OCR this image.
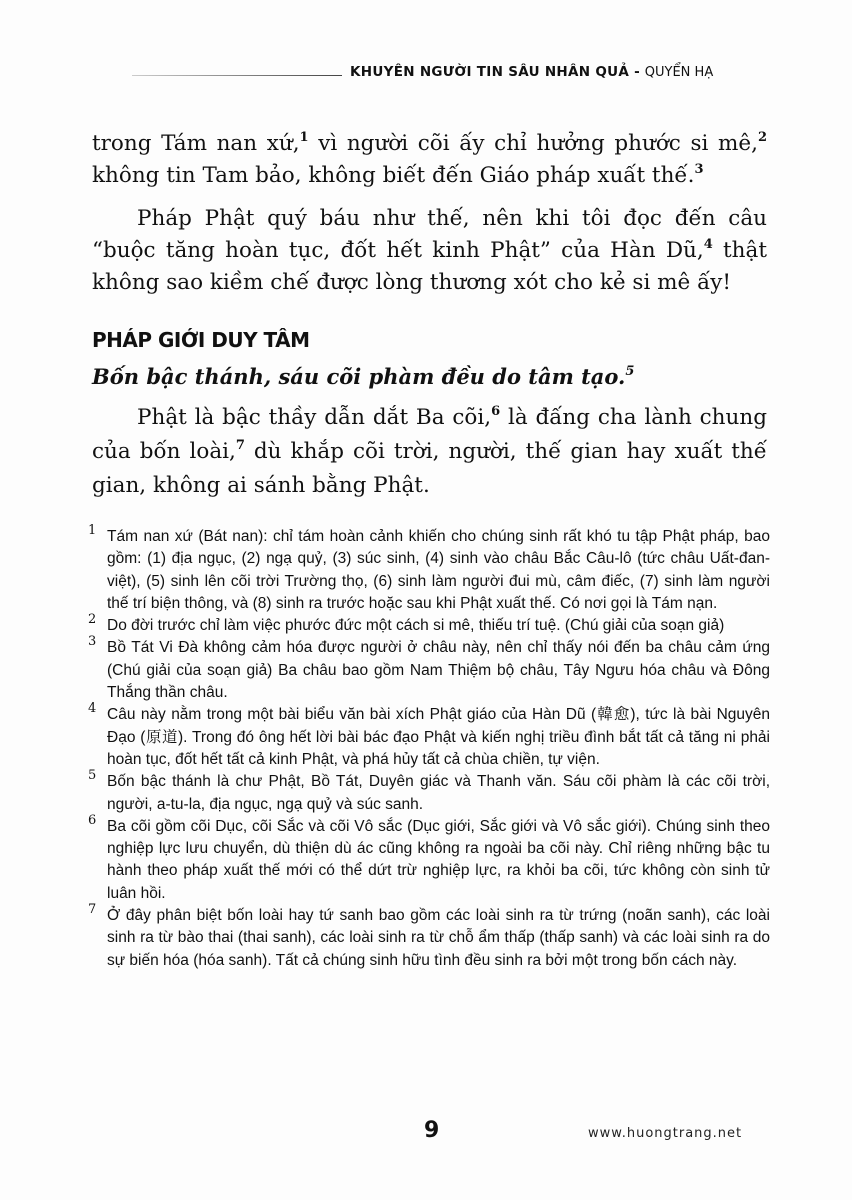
KHUYÊN NGƯỜI TIN SÂU NHÂN QUẢ - QUYỂN HẠ

trong Tám nan xứ,$^1$ vì người cõi ấy chỉ hưởng phước si mê,$^2$ không tin Tam bảo, không biết đến Giáo pháp xuất thế.$^3$

Pháp Phật quý báu như thế, nên khi tôi đọc đến câu “buộc tăng hoàn tục, đốt hết kinh Phật” của Hàn Dũ,$^4$ thật không sao kiềm chế được lòng thương xót cho kẻ si mê ấy!

PHÁP GIỚI DUY TÂM
Bốn bậc thánh, sáu cõi phàm đều do tâm tạo.$^5$

Phật là bậc thầy dẫn dắt Ba cõi,$^6$ là đấng cha lành chung của bốn loài,$^7$ dù khắp cõi trời, người, thế gian hay xuất thế gian, không ai sánh bằng Phật.

1 Tám nan xứ (Bát nan): chỉ tám hoàn cảnh khiến cho chúng sinh rất khó tu tập Phật pháp, bao gồm: (1) địa ngục, (2) ngạ quỷ, (3) súc sinh, (4) sinh vào châu Bắc Câu-lô (tức châu Uất-đan-việt), (5) sinh lên cõi trời Trường thọ, (6) sinh làm người đui mù, câm điếc, (7) sinh làm người thế trí biện thông, và (8) sinh ra trước hoặc sau khi Phật xuất thế. Có nơi gọi là Tám nạn.
2 Do đời trước chỉ làm việc phước đức một cách si mê, thiếu trí tuệ. (Chú giải của soạn giả)
3 Bồ Tát Vi Đà không cảm hóa được người ở châu này, nên chỉ thấy nói đến ba châu cảm ứng (Chú giải của soạn giả) Ba châu bao gồm Nam Thiệm bộ châu, Tây Ngưu hóa châu và Đông Thắng thần châu.
4 Câu này nằm trong một bài biểu văn bài xích Phật giáo của Hàn Dũ (韓愈), tức là bài Nguyên Đạo (原道). Trong đó ông hết lời bài bác đạo Phật và kiến nghị triều đình bắt tất cả tăng ni phải hoàn tục, đốt hết tất cả kinh Phật, và phá hủy tất cả chùa chiền, tự viện.
5 Bốn bậc thánh là chư Phật, Bồ Tát, Duyên giác và Thanh văn. Sáu cõi phàm là các cõi trời, người, a-tu-la, địa ngục, ngạ quỷ và súc sanh.
6 Ba cõi gồm cõi Dục, cõi Sắc và cõi Vô sắc (Dục giới, Sắc giới và Vô sắc giới). Chúng sinh theo nghiệp lực lưu chuyển, dù thiện dù ác cũng không ra ngoài ba cõi này. Chỉ riêng những bậc tu hành theo pháp xuất thế mới có thể dứt trừ nghiệp lực, ra khỏi ba cõi, tức không còn sinh tử luân hồi.
7 Ở đây phân biệt bốn loài hay tứ sanh bao gồm các loài sinh ra từ trứng (noãn sanh), các loài sinh ra từ bào thai (thai sanh), các loài sinh ra từ chỗ ẩm thấp (thấp sanh) và các loài sinh ra do sự biến hóa (hóa sanh). Tất cả chúng sinh hữu tình đều sinh ra bởi một trong bốn cách này.
9	www.huongtrang.net
